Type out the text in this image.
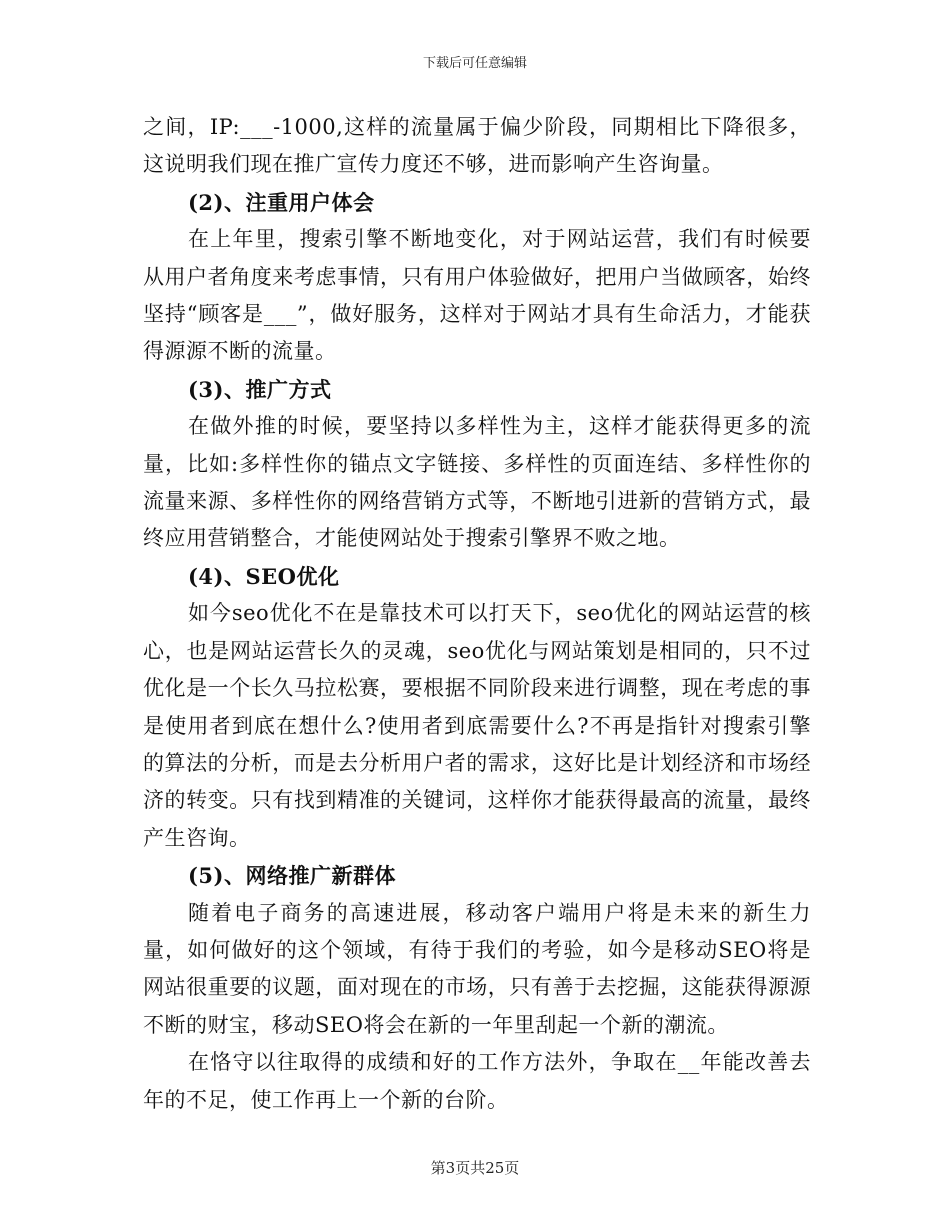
下载后可任意编辑

之间，IP:___-1000,这样的流量属于偏少阶段，同期相比下降很多，这说明我们现在推广宣传力度还不够，进而影响产生咨询量。

(2)、注重用户体会

在上年里，搜索引擎不断地变化，对于网站运营，我们有时候要从用户者角度来考虑事情，只有用户体验做好，把用户当做顾客，始终坚持“顾客是___”，做好服务，这样对于网站才具有生命活力，才能获得源源不断的流量。

(3)、推广方式

在做外推的时候，要坚持以多样性为主，这样才能获得更多的流量，比如:多样性你的锚点文字链接、多样性的页面连结、多样性你的流量来源、多样性你的网络营销方式等，不断地引进新的营销方式，最终应用营销整合，才能使网站处于搜索引擎界不败之地。

(4)、SEO优化

如今seo优化不在是靠技术可以打天下，seo优化的网站运营的核心，也是网站运营长久的灵魂，seo优化与网站策划是相同的，只不过优化是一个长久马拉松赛，要根据不同阶段来进行调整，现在考虑的事是使用者到底在想什么?使用者到底需要什么?不再是指针对搜索引擎的算法的分析，而是去分析用户者的需求，这好比是计划经济和市场经济的转变。只有找到精准的关键词，这样你才能获得最高的流量，最终产生咨询。

(5)、网络推广新群体

随着电子商务的高速进展，移动客户端用户将是未来的新生力量，如何做好的这个领域，有待于我们的考验，如今是移动SEO将是网站很重要的议题，面对现在的市场，只有善于去挖掘，这能获得源源不断的财宝，移动SEO将会在新的一年里刮起一个新的潮流。

在恪守以往取得的成绩和好的工作方法外，争取在__年能改善去年的不足，使工作再上一个新的台阶。

第3页共25页
